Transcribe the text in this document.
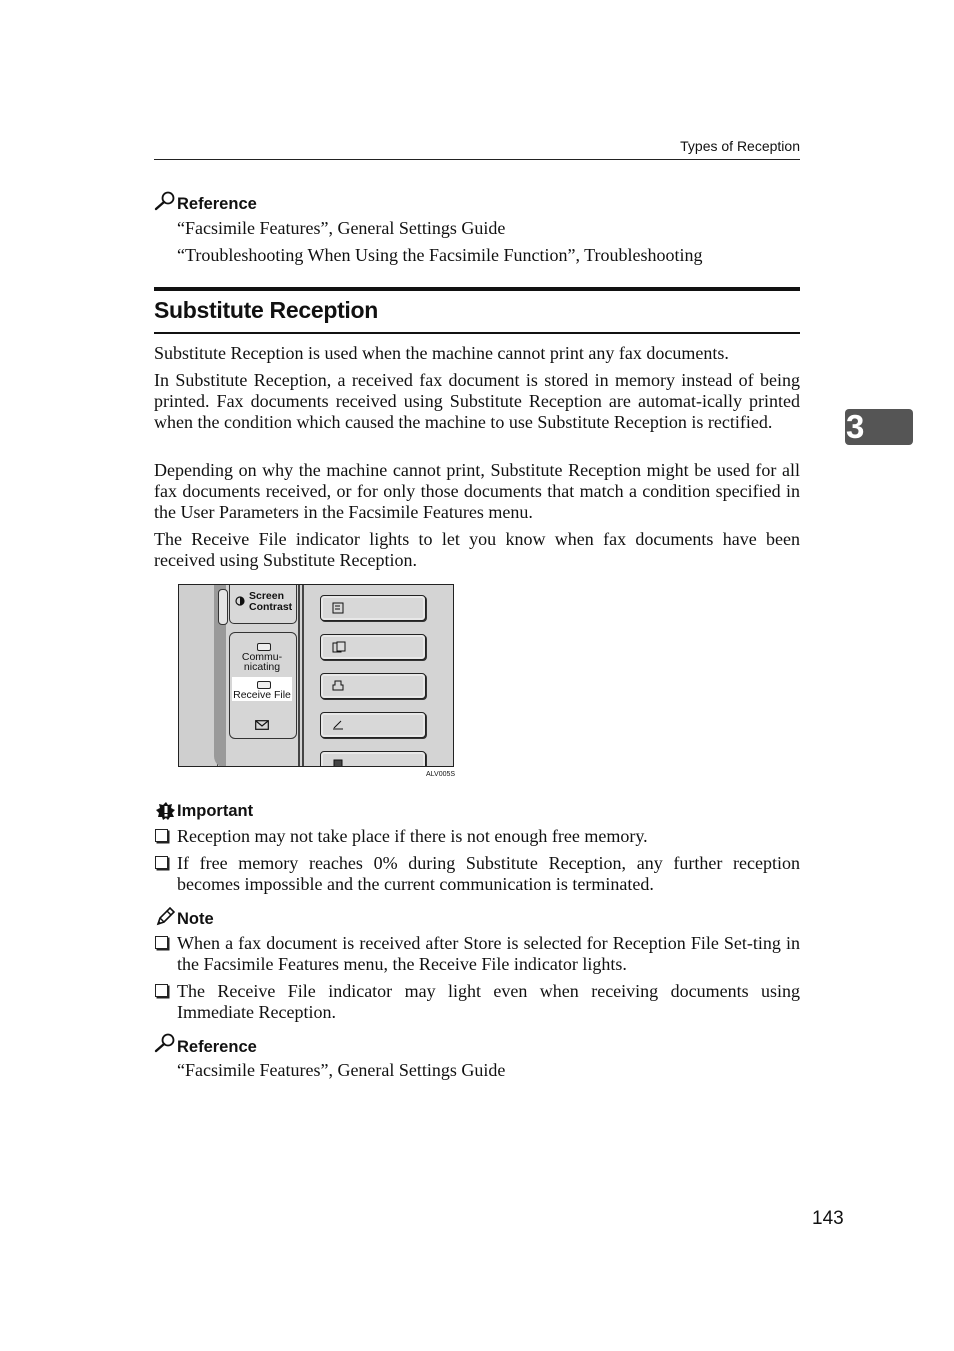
Types of Reception
Reference
“Facsimile Features”, General Settings Guide
“Troubleshooting When Using the Facsimile Function”, Troubleshooting
Substitute Reception
3
Substitute Reception is used when the machine cannot print any fax documents.
In Substitute Reception, a received fax document is stored in memory instead of being printed. Fax documents received using Substitute Reception are automat-ically printed when the condition which caused the machine to use Substitute Reception is rectified.
Depending on why the machine cannot print, Substitute Reception might be used for all fax documents received, or for only those documents that match a condition specified in the User Parameters in the Facsimile Features menu.
The Receive File indicator lights to let you know when fax documents have been received using Substitute Reception.
Screen
Contrast
Commu-
nicating
Receive File
ALV005S
Important
Reception may not take place if there is not enough free memory.
If free memory reaches 0% during Substitute Reception, any further reception becomes impossible and the current communication is terminated.
Note
When a fax document is received after Store is selected for Reception File Set-ting in the Facsimile Features menu, the Receive File indicator lights.
The Receive File indicator may light even when receiving documents using Immediate Reception.
Reference
“Facsimile Features”, General Settings Guide
143
